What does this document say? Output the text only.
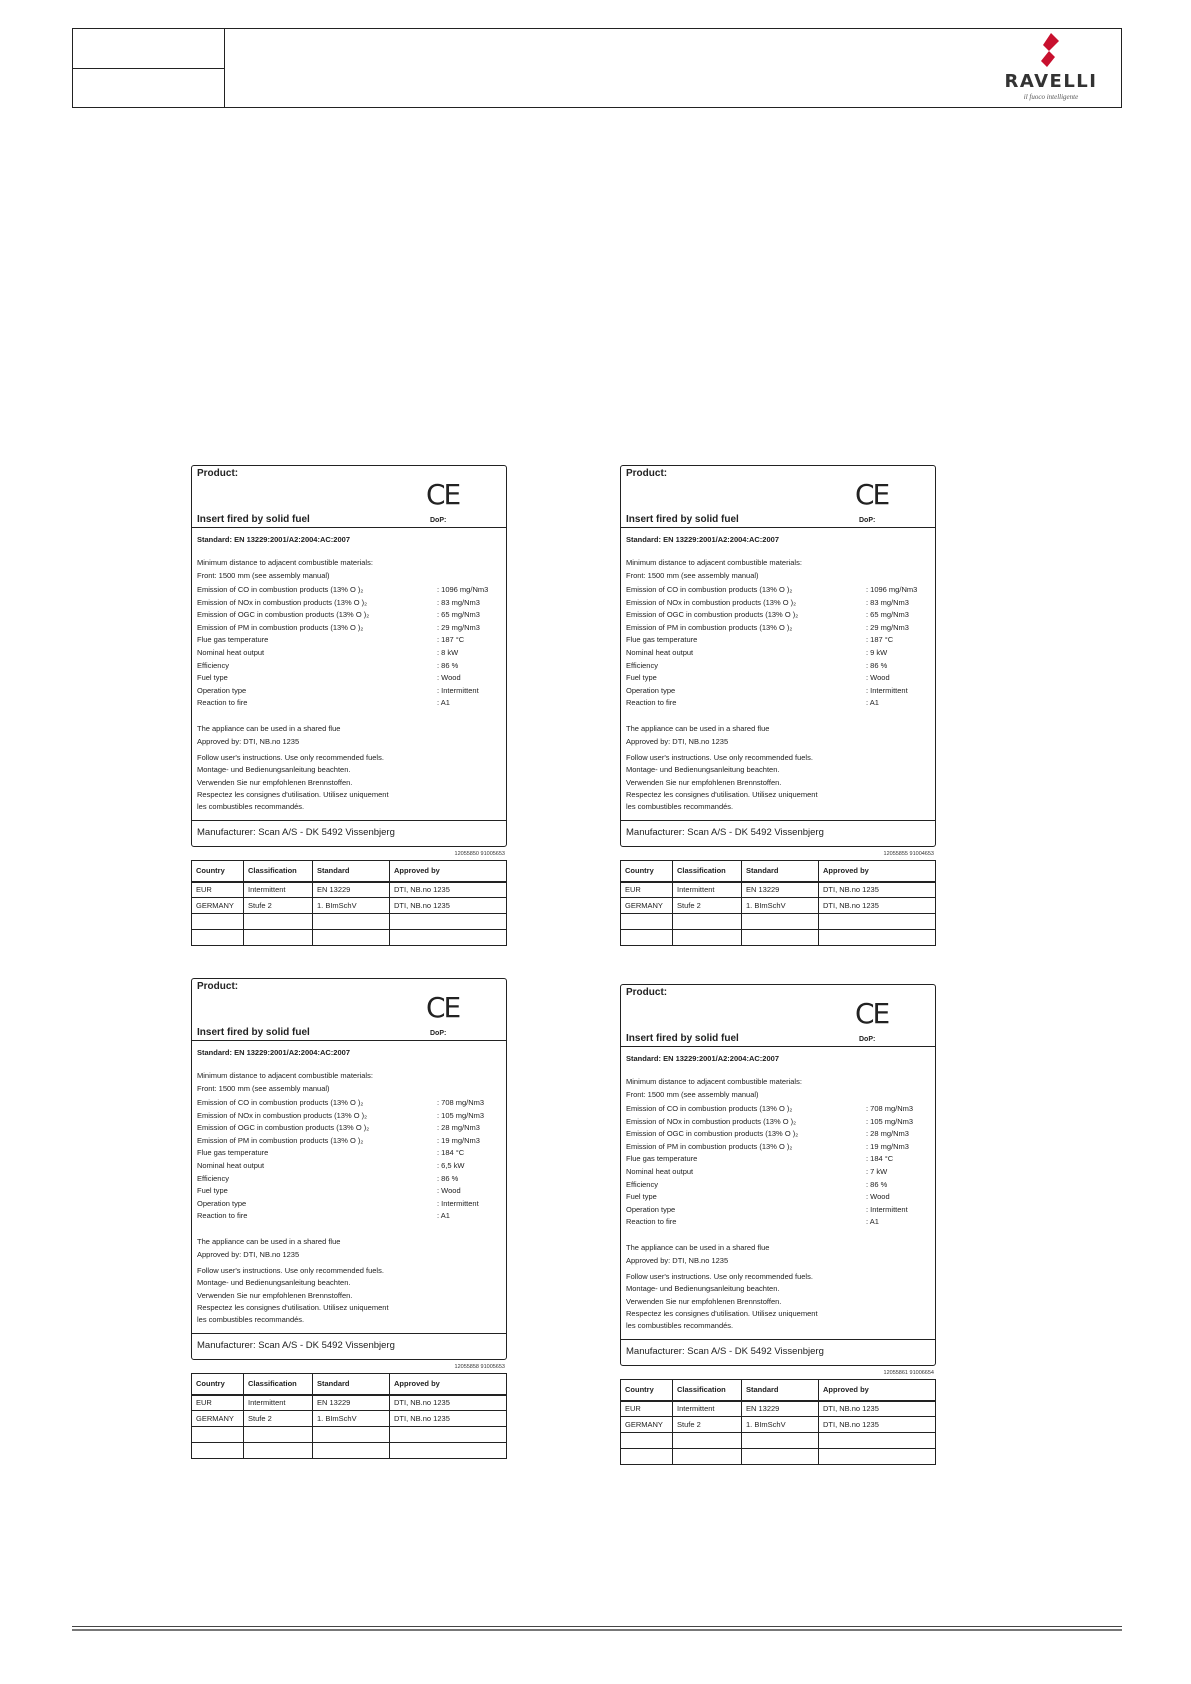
RAVELLI
il fuoco intelligente
Product:
CE
Insert fired by solid fuel	DoP:
Standard: EN 13229:2001/A2:2004:AC:2007
Minimum distance to adjacent combustible materials:
Front: 1500 mm (see assembly manual)
Emission of CO in combustion products (13% O )₂	: 1096 mg/Nm3
Emission of NOx in combustion products (13% O )₂	: 83 mg/Nm3
Emission of OGC in combustion products (13% O )₂	: 65 mg/Nm3
Emission of PM in combustion products (13% O )₂	: 29 mg/Nm3
Flue gas temperature	: 187 °C
Nominal heat output	: 8 kW
Efficiency	: 86 %
Fuel type	: Wood
Operation type	: Intermittent
Reaction to fire	: A1
The appliance can be used in a shared flue
Approved by: DTI, NB.no 1235
Follow user's instructions. Use only recommended fuels.
Montage- und Bedienungsanleitung beachten.
Verwenden Sie nur empfohlenen Brennstoffen.
Respectez les consignes d'utilisation. Utilisez uniquement
les combustibles recommandés.
Manufacturer: Scan A/S - DK 5492 Vissenbjerg
12055850 91005653
Country	Classification	Standard	Approved by
EUR	Intermittent	EN 13229	DTI, NB.no 1235
GERMANY	Stufe 2	1. BImSchV	DTI, NB.no 1235

Product:
CE
Insert fired by solid fuel	DoP:
Standard: EN 13229:2001/A2:2004:AC:2007
Minimum distance to adjacent combustible materials:
Front: 1500 mm (see assembly manual)
Emission of CO in combustion products (13% O )₂	: 1096 mg/Nm3
Emission of NOx in combustion products (13% O )₂	: 83 mg/Nm3
Emission of OGC in combustion products (13% O )₂	: 65 mg/Nm3
Emission of PM in combustion products (13% O )₂	: 29 mg/Nm3
Flue gas temperature	: 187 °C
Nominal heat output	: 9 kW
Efficiency	: 86 %
Fuel type	: Wood
Operation type	: Intermittent
Reaction to fire	: A1
The appliance can be used in a shared flue
Approved by: DTI, NB.no 1235
Follow user's instructions. Use only recommended fuels.
Montage- und Bedienungsanleitung beachten.
Verwenden Sie nur empfohlenen Brennstoffen.
Respectez les consignes d'utilisation. Utilisez uniquement
les combustibles recommandés.
Manufacturer: Scan A/S - DK 5492 Vissenbjerg
12055855 91004653
Country	Classification	Standard	Approved by
EUR	Intermittent	EN 13229	DTI, NB.no 1235
GERMANY	Stufe 2	1. BImSchV	DTI, NB.no 1235

Product:
CE
Insert fired by solid fuel	DoP:
Standard: EN 13229:2001/A2:2004:AC:2007
Minimum distance to adjacent combustible materials:
Front: 1500 mm (see assembly manual)
Emission of CO in combustion products (13% O )₂	: 708 mg/Nm3
Emission of NOx in combustion products (13% O )₂	: 105 mg/Nm3
Emission of OGC in combustion products (13% O )₂	: 28 mg/Nm3
Emission of PM in combustion products (13% O )₂	: 19 mg/Nm3
Flue gas temperature	: 184 °C
Nominal heat output	: 6,5 kW
Efficiency	: 86 %
Fuel type	: Wood
Operation type	: Intermittent
Reaction to fire	: A1
The appliance can be used in a shared flue
Approved by: DTI, NB.no 1235
Follow user's instructions. Use only recommended fuels.
Montage- und Bedienungsanleitung beachten.
Verwenden Sie nur empfohlenen Brennstoffen.
Respectez les consignes d'utilisation. Utilisez uniquement
les combustibles recommandés.
Manufacturer: Scan A/S - DK 5492 Vissenbjerg
12055858 91005653
Country	Classification	Standard	Approved by
EUR	Intermittent	EN 13229	DTI, NB.no 1235
GERMANY	Stufe 2	1. BImSchV	DTI, NB.no 1235

Product:
CE
Insert fired by solid fuel	DoP:
Standard: EN 13229:2001/A2:2004:AC:2007
Minimum distance to adjacent combustible materials:
Front: 1500 mm (see assembly manual)
Emission of CO in combustion products (13% O )₂	: 708 mg/Nm3
Emission of NOx in combustion products (13% O )₂	: 105 mg/Nm3
Emission of OGC in combustion products (13% O )₂	: 28 mg/Nm3
Emission of PM in combustion products (13% O )₂	: 19 mg/Nm3
Flue gas temperature	: 184 °C
Nominal heat output	: 7 kW
Efficiency	: 86 %
Fuel type	: Wood
Operation type	: Intermittent
Reaction to fire	: A1
The appliance can be used in a shared flue
Approved by: DTI, NB.no 1235
Follow user's instructions. Use only recommended fuels.
Montage- und Bedienungsanleitung beachten.
Verwenden Sie nur empfohlenen Brennstoffen.
Respectez les consignes d'utilisation. Utilisez uniquement
les combustibles recommandés.
Manufacturer: Scan A/S - DK 5492 Vissenbjerg
12055861 91006654
Country	Classification	Standard	Approved by
EUR	Intermittent	EN 13229	DTI, NB.no 1235
GERMANY	Stufe 2	1. BImSchV	DTI, NB.no 1235
